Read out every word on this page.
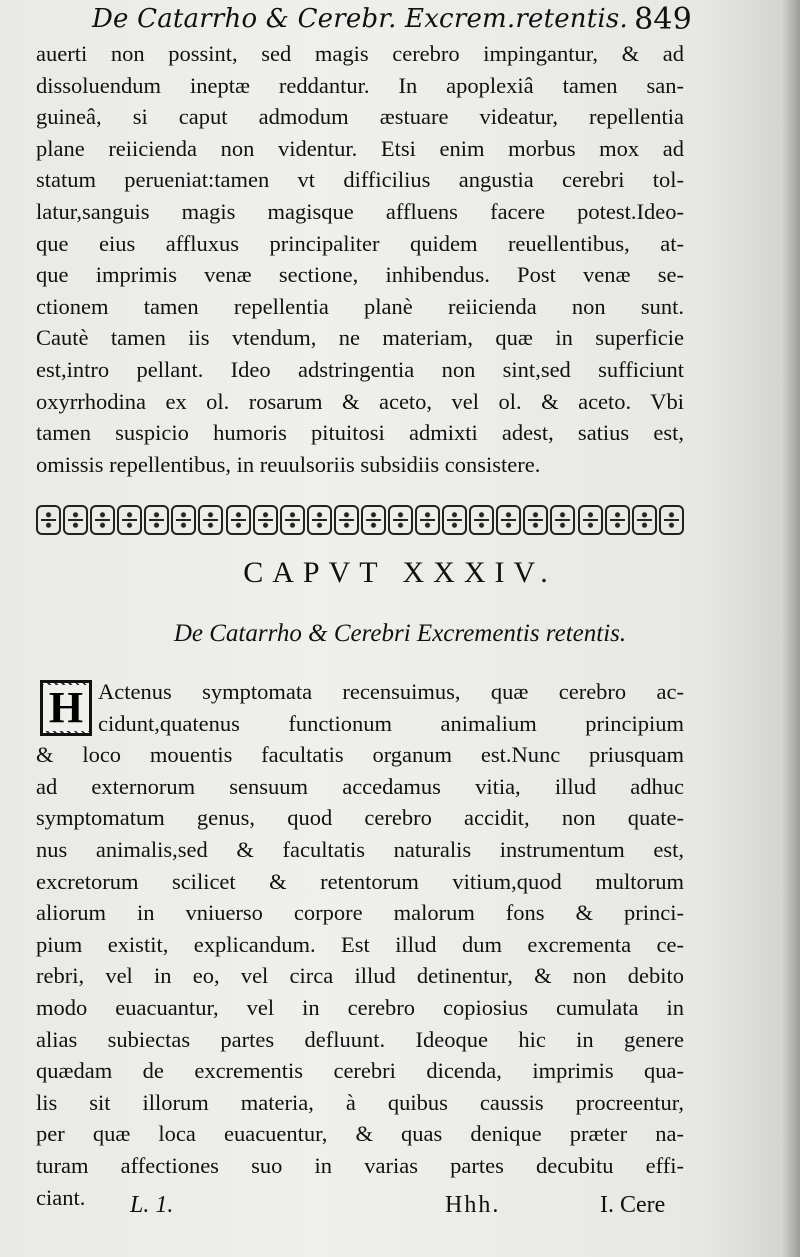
De Catarrho & Cerebr. Excrem.retentis. 849
auerti non possint, sed magis cerebro impingantur, & ad
dissoluendum ineptæ reddantur. In apoplexiâ tamen san-
guineâ, si caput admodum æstuare videatur, repellentia
plane reiicienda non videntur. Etsi enim morbus mox ad
statum perueniat:tamen vt difficilius angustia cerebri tol-
latur,sanguis magis magisque affluens facere potest.Ideo-
que eius affluxus principaliter quidem reuellentibus, at-
que imprimis venæ sectione, inhibendus. Post venæ se-
ctionem tamen repellentia planè reiicienda non sunt.
Cautè tamen iis vtendum, ne materiam, quæ in superficie
est,intro pellant. Ideo adstringentia non sint,sed sufficiunt
oxyrrhodina ex ol. rosarum & aceto, vel ol. & aceto. Vbi
tamen suspicio humoris pituitosi admixti adest, satius est,
omissis repellentibus, in reuulsoriis subsidiis consistere.
CAPVT XXXIV.
De Catarrho & Cerebri Excrementis retentis.
H Actenus symptomata recensuimus, quæ cerebro ac-
cidunt,quatenus functionum animalium principium
& loco mouentis facultatis organum est.Nunc priusquam
ad externorum sensuum accedamus vitia, illud adhuc
symptomatum genus, quod cerebro accidit, non quate-
nus animalis,sed & facultatis naturalis instrumentum est,
excretorum scilicet & retentorum vitium,quod multorum
aliorum in vniuerso corpore malorum fons & princi-
pium existit, explicandum. Est illud dum excrementa ce-
rebri, vel in eo, vel circa illud detinentur, & non debito
modo euacuantur, vel in cerebro copiosius cumulata in
alias subiectas partes defluunt. Ideoque hic in genere
quædam de excrementis cerebri dicenda, imprimis qua-
lis sit illorum materia, à quibus caussis procreentur,
per quæ loca euacuentur, & quas denique præter na-
turam affectiones suo in varias partes decubitu effi-
ciant.	L. 1.	Hhh.	I. Cere
